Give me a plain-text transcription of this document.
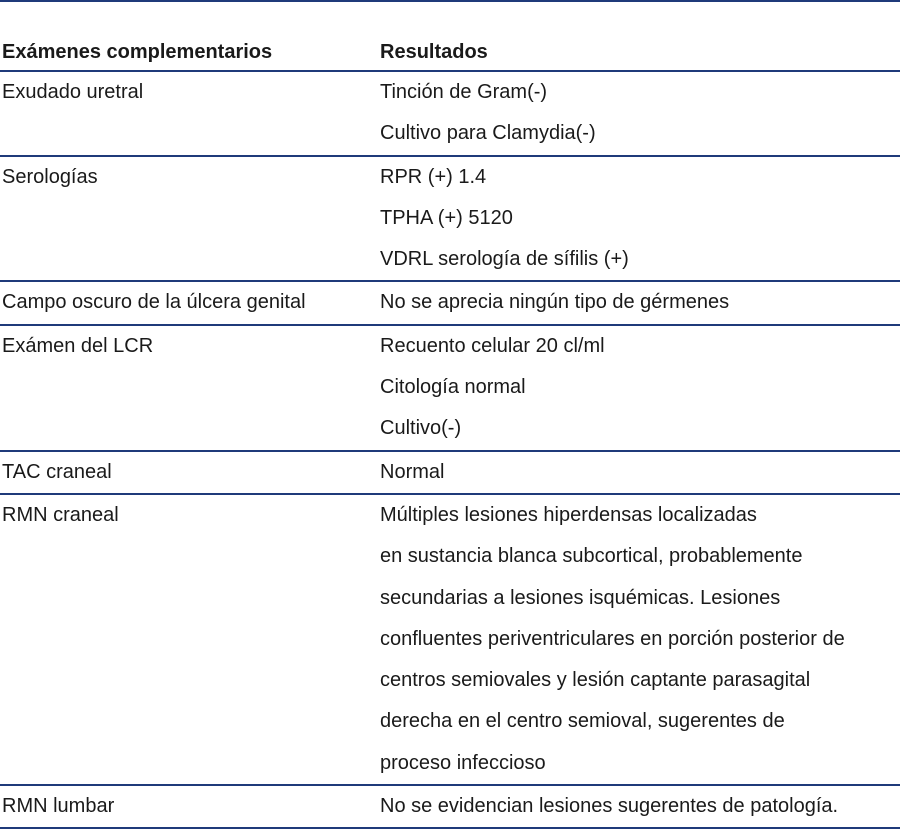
Exámenes complementarios	Resultados
Exudado uretral	Tinción de Gram(-)
Cultivo para Clamydia(-)
Serologías	RPR (+) 1.4
TPHA (+) 5120
VDRL serología de sífilis (+)
Campo oscuro de la úlcera genital	No se aprecia ningún tipo de gérmenes
Exámen del LCR	Recuento celular 20 cl/ml
Citología normal
Cultivo(-)
TAC craneal	Normal
RMN craneal	Múltiples lesiones hiperdensas localizadas
en sustancia blanca subcortical, probablemente
secundarias a lesiones isquémicas. Lesiones
confluentes periventriculares en porción posterior de
centros semiovales y lesión captante parasagital
derecha en el centro semioval, sugerentes de
proceso infeccioso
RMN lumbar	No se evidencian lesiones sugerentes de patología.
